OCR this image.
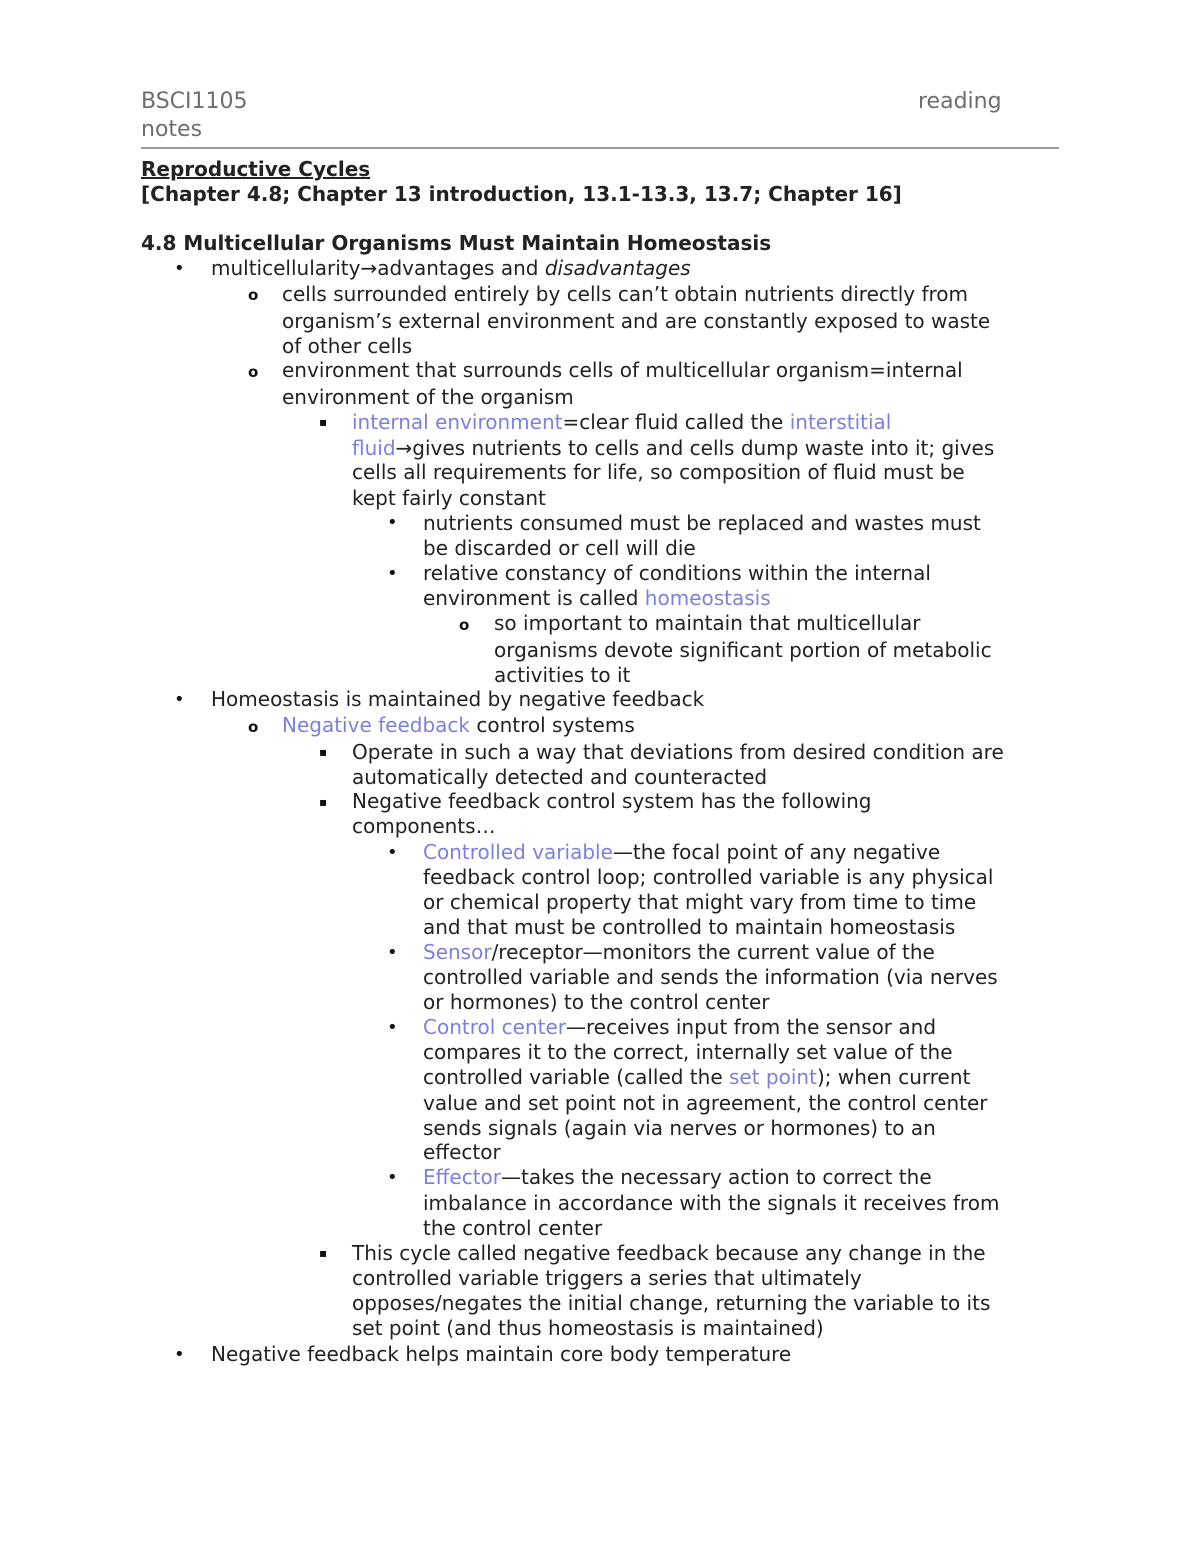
BSCI1105	reading
notes
Reproductive Cycles
[Chapter 4.8; Chapter 13 introduction, 13.1-13.3, 13.7; Chapter 16]
4.8 Multicellular Organisms Must Maintain Homeostasis
• multicellularity→advantages and disadvantages
o cells surrounded entirely by cells can’t obtain nutrients directly from
organism’s external environment and are constantly exposed to waste
of other cells
o environment that surrounds cells of multicellular organism=internal
environment of the organism
▪ internal environment=clear fluid called the interstitial
fluid→gives nutrients to cells and cells dump waste into it; gives
cells all requirements for life, so composition of fluid must be
kept fairly constant
• nutrients consumed must be replaced and wastes must
be discarded or cell will die
• relative constancy of conditions within the internal
environment is called homeostasis
o so important to maintain that multicellular
organisms devote significant portion of metabolic
activities to it
• Homeostasis is maintained by negative feedback
o Negative feedback control systems
▪ Operate in such a way that deviations from desired condition are
automatically detected and counteracted
▪ Negative feedback control system has the following
components…
• Controlled variable—the focal point of any negative
feedback control loop; controlled variable is any physical
or chemical property that might vary from time to time
and that must be controlled to maintain homeostasis
• Sensor/receptor—monitors the current value of the
controlled variable and sends the information (via nerves
or hormones) to the control center
• Control center—receives input from the sensor and
compares it to the correct, internally set value of the
controlled variable (called the set point); when current
value and set point not in agreement, the control center
sends signals (again via nerves or hormones) to an
effector
• Effector—takes the necessary action to correct the
imbalance in accordance with the signals it receives from
the control center
▪ This cycle called negative feedback because any change in the
controlled variable triggers a series that ultimately
opposes/negates the initial change, returning the variable to its
set point (and thus homeostasis is maintained)
• Negative feedback helps maintain core body temperature
